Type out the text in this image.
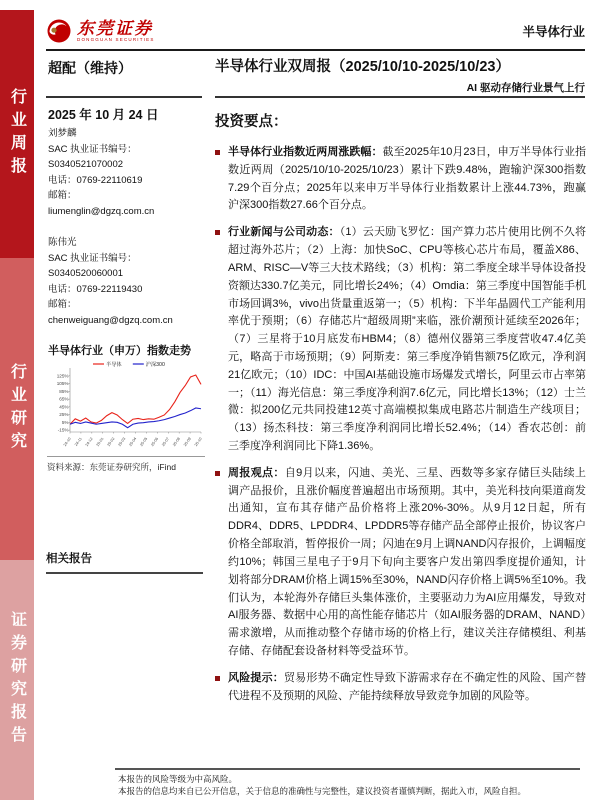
行业周报
行业研究
证券研究报告
东莞证券
DONGGUAN SECURITIES	半导体行业
超配（维持）	半导体行业双周报（2025/10/10-2025/10/23）
AI 驱动存储行业景气上行
2025 年 10 月 24 日
刘梦麟
SAC 执业证书编号：
S0340521070002
电话：0769-22110619
邮箱：
liumenglin@dgzq.com.cn
陈伟光
SAC 执业证书编号：
S0340520060001
电话：0769-22119430
邮箱：
chenweiguang@dgzq.com.cn
半导体行业（申万）指数走势
125%
105%
85%
65%
45%
25%
5%
-15%
24-10 24-11 24-12 25-01 25-02 25-03 25-04 25-05 25-06 25-07 25-08 25-09 25-10
半导体	沪深300
资料来源：东莞证券研究所，iFind
相关报告
投资要点：
半导体行业指数近两周涨跌幅：截至2025年10月23日，申万半导体行业指数近两周（2025/10/10-2025/10/23）累计下跌9.48%，跑输沪深300指数7.29个百分点；2025年以来申万半导体行业指数累计上涨44.73%，跑赢沪深300指数27.66个百分点。
行业新闻与公司动态：（1）云天励飞罗忆：国产算力芯片使用比例不久将超过海外芯片；（2）上海：加快SoC、CPU等核心芯片布局，覆盖X86、ARM、RISC—V等三大技术路线；（3）机构：第二季度全球半导体设备投资额达330.7亿美元，同比增长24%；（4）Omdia：第三季度中国智能手机市场回调3%，vivo出货量重返第一；（5）机构：下半年晶圆代工产能利用率优于预期；（6）存储芯片“超级周期”来临，涨价潮预计延续至2026年；（7）三星将于10月底发布HBM4；（8）德州仪器第三季度营收47.4亿美元，略高于市场预期；（9）阿斯麦：第三季度净销售额75亿欧元，净利润21亿欧元；（10）IDC：中国AI基础设施市场爆发式增长，阿里云市占率第一；（11）海光信息：第三季度净利润7.6亿元，同比增长13%；（12）士兰微：拟200亿元共同投建12英寸高端模拟集成电路芯片制造生产线项目；（13）扬杰科技：第三季度净利润同比增长52.4%；（14）香农芯创：前三季度净利润同比下降1.36%。
周报观点：自9月以来，闪迪、美光、三星、西数等多家存储巨头陆续上调产品报价，且涨价幅度普遍超出市场预期。其中，美光科技向渠道商发出通知，宣布其存储产品价格将上涨20%-30%。从9月12日起，所有DDR4、DDR5、LPDDR4、LPDDR5等存储产品全部停止报价，协议客户价格全部取消，暂停报价一周；闪迪在9月上调NAND闪存报价，上调幅度约10%；韩国三星电子于9月下旬向主要客户发出第四季度提价通知，计划将部分DRAM价格上调15%至30%，NAND闪存价格上调5%至10%。我们认为，本轮海外存储巨头集体涨价，主要驱动力为AI应用爆发，导致对AI服务器、数据中心用的高性能存储芯片（如AI服务器的DRAM、NAND）需求激增，从而推动整个存储市场的价格上行，建议关注存储模组、利基存储、存储配套设备材料等受益环节。
风险提示：贸易形势不确定性导致下游需求存在不确定性的风险、国产替代进程不及预期的风险、产能持续释放导致竞争加剧的风险等。
本报告的风险等级为中高风险。
本报告的信息均来自已公开信息，关于信息的准确性与完整性，建议投资者谨慎判断，据此入市，风险自担。
